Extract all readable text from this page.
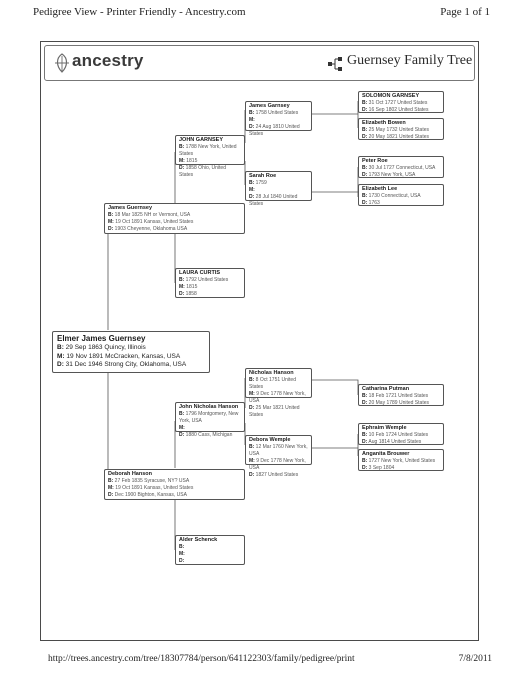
Pedigree View - Printer Friendly - Ancestry.com	Page 1 of 1
ancestry	Guernsey Family Tree
SOLOMON GARNSEY
B: 31 Oct 1727 United States
D: 16 Sep 1802 United States
Elizabeth Bowen
B: 25 May 1732 United States
D: 20 May 1821 United States
Peter Roe
B: 30 Jul 1727 Connecticut, USA
D: 1793 New York, USA
Elizabeth Lee
B: 1730 Connecticut, USA
D: 1763
Catharina Putman
B: 18 Feb 1721 United States
D: 20 May 1789 United States
Ephraim Wemple
B: 10 Feb 1724 United States
D: Aug 1814 United States
Anganita Brouwer
B: 1727 New York, United States
D: 3 Sep 1804
James Garnsey
B: 1758 United States
M:
D: 24 Aug 1810 United States
Sarah Roe
B: 1759
M:
D: 28 Jul 1840 United States
Nicholas Hanson
B: 8 Oct 1751 United States
M: 9 Dec 1778 New York, USA
D: 25 Mar 1821 United States
Debora Wemple
B: 12 Mar 1760 New York, USA
M: 9 Dec 1778 New York, USA
D: 1827 United States
JOHN GARNSEY
B: 1788 New York, United States
M: 1815
D: 1858 Ohio, United States
LAURA CURTIS
B: 1792 United States
M: 1815
D: 1858
John Nicholas Hanson
B: 1796 Montgomery, New York, USA
M:
D: 1880 Cass, Michigan
Alder Schenck
B:
M:
D:
James Guernsey
B: 18 Mar 1825 NH or Vermont, USA
M: 19 Oct 1891 Kansas, United States
D: 1903 Cheyenne, Oklahoma USA
Deborah Hanson
B: 27 Feb 1835 Syracuse, NY? USA
M: 19 Oct 1891 Kansas, United States
D: Dec 1900 Bighton, Kansas, USA
Elmer James Guernsey
B: 29 Sep 1863 Quincy, Illinois
M: 19 Nov 1891 McCracken, Kansas, USA
D: 31 Dec 1946 Strong City, Oklahoma, USA
http://trees.ancestry.com/tree/18307784/person/641122303/family/pedigree/print	7/8/2011
